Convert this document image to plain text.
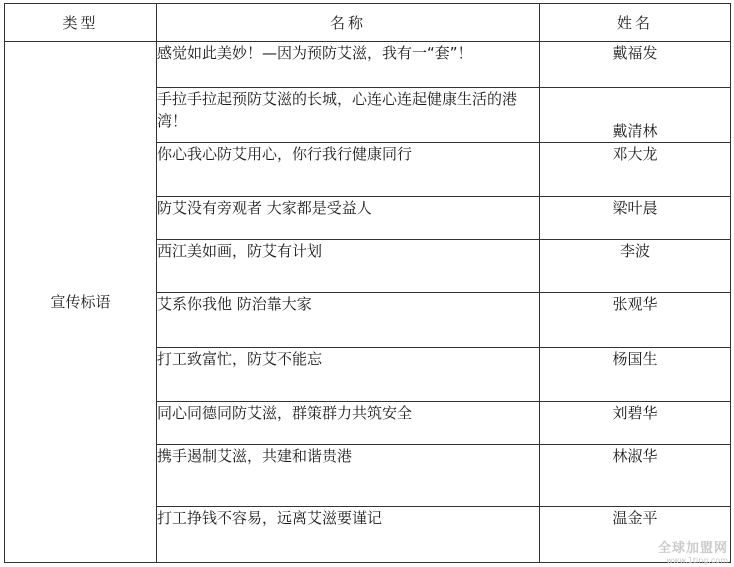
类型	名称	姓名
宣传标语	感觉如此美妙！—因为预防艾滋，我有一“套”！	戴福发
	手拉手拉起预防艾滋的长城，心连心连起健康生活的港湾！	戴清林
	你心我心防艾用心，你行我行健康同行	邓大龙
	防艾没有旁观者 大家都是受益人	梁叶晨
	西江美如画，防艾有计划	李波
	艾系你我他 防治靠大家	张观华
	打工致富忙，防艾不能忘	杨国生
	同心同德同防艾滋，群策群力共筑安全	刘碧华
	携手遏制艾滋，共建和谐贵港	林淑华
	打工挣钱不容易，远离艾滋要谨记	温金平
全球加盟网
www.1ting.com
